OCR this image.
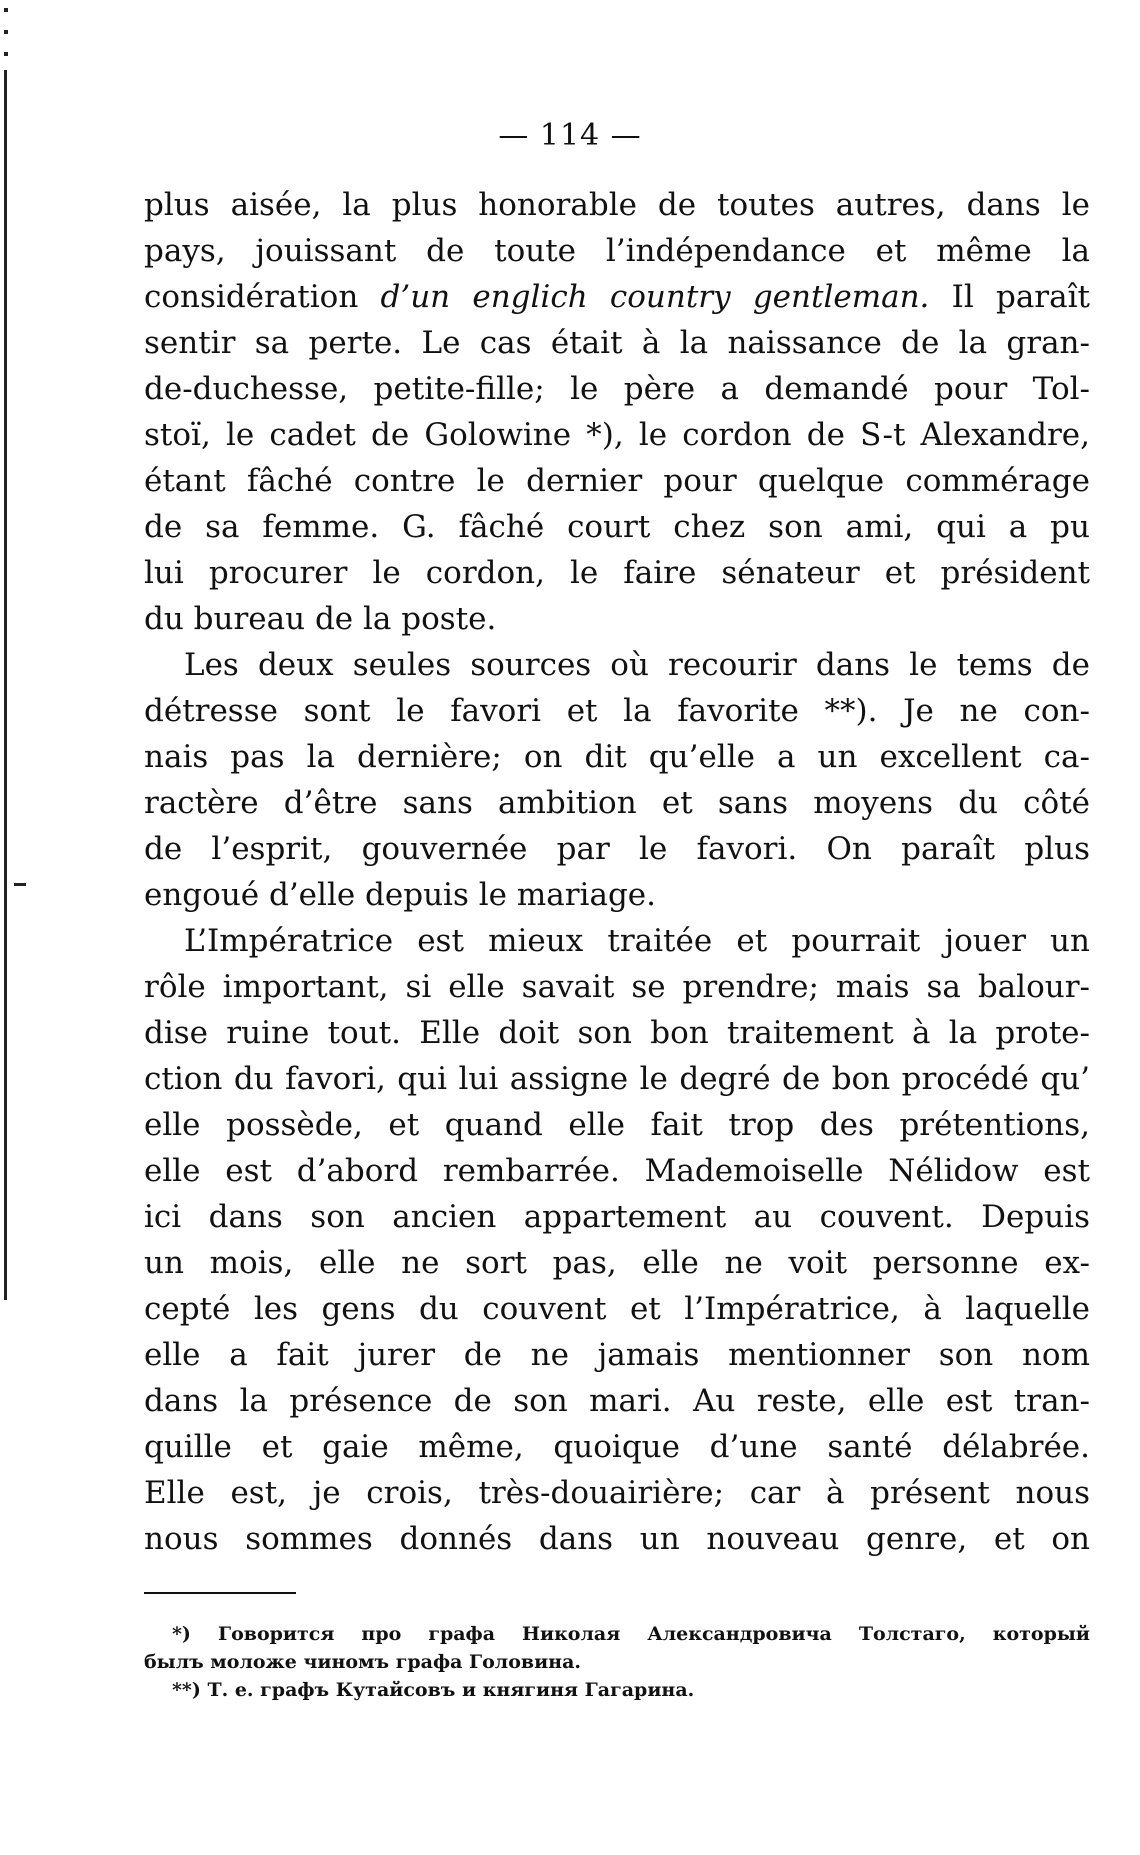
— 114 —
plus aisée, la plus honorable de toutes autres, dans le
pays, jouissant de toute l’indépendance et même la
considération d’un englich country gentleman. Il paraît
sentir sa perte. Le cas était à la naissance de la gran-
de-duchesse, petite-fille; le père a demandé pour Tol-
stoï, le cadet de Golowine *), le cordon de S-t Alexandre,
étant fâché contre le dernier pour quelque commérage
de sa femme. G. fâché court chez son ami, qui a pu
lui procurer le cordon, le faire sénateur et président
du bureau de la poste.
Les deux seules sources où recourir dans le tems de
détresse sont le favori et la favorite **). Je ne con-
nais pas la dernière; on dit qu’elle a un excellent ca-
ractère d’être sans ambition et sans moyens du côté
de l’esprit, gouvernée par le favori. On paraît plus
engoué d’elle depuis le mariage.
L’Impératrice est mieux traitée et pourrait jouer un
rôle important, si elle savait se prendre; mais sa balour-
dise ruine tout. Elle doit son bon traitement à la prote-
ction du favori, qui lui assigne le degré de bon procédé qu’
elle possède, et quand elle fait trop des prétentions,
elle est d’abord rembarrée. Mademoiselle Nélidow est
ici dans son ancien appartement au couvent. Depuis
un mois, elle ne sort pas, elle ne voit personne ex-
cepté les gens du couvent et l’Impératrice, à laquelle
elle a fait jurer de ne jamais mentionner son nom
dans la présence de son mari. Au reste, elle est tran-
quille et gaie même, quoique d’une santé délabrée.
Elle est, je crois, très-douairière; car à présent nous
nous sommes donnés dans un nouveau genre, et on
*) Говорится про графа Николая Александровича Толстаго, который
былъ моложе чиномъ графа Головина.
**) Т. е. графъ Кутайсовъ и княгиня Гагарина.
